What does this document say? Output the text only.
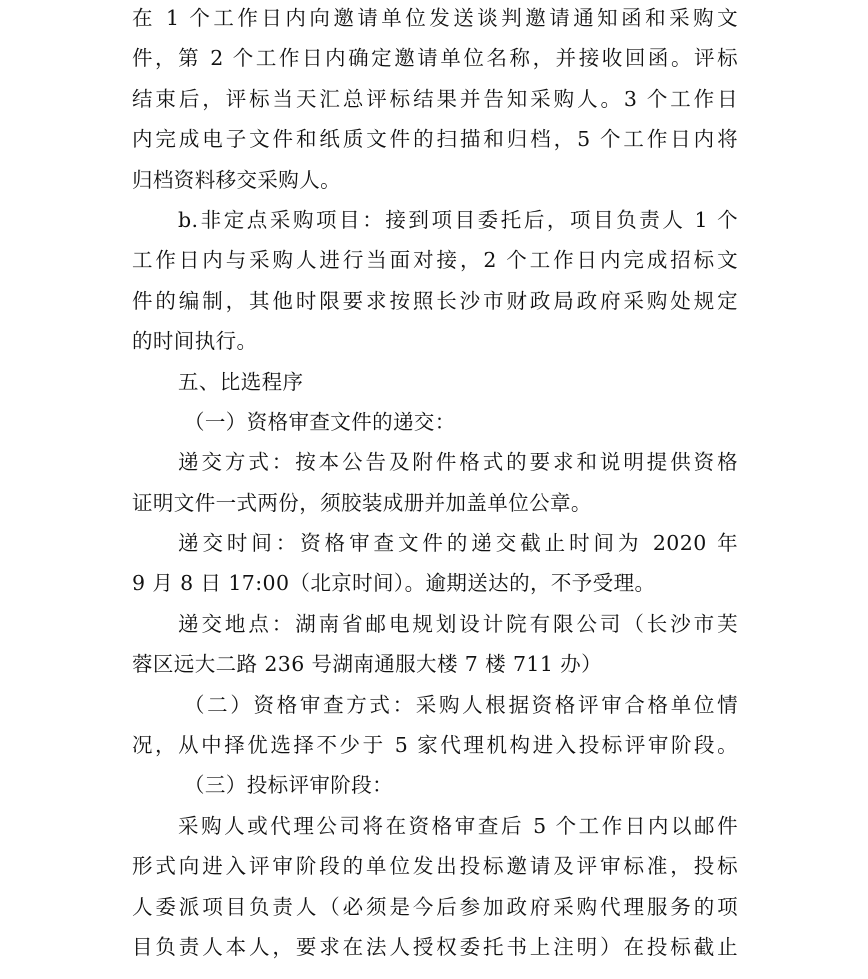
在 1 个工作日内向邀请单位发送谈判邀请通知函和采购文
件，第 2 个工作日内确定邀请单位名称，并接收回函。评标
结束后，评标当天汇总评标结果并告知采购人。3 个工作日
内完成电子文件和纸质文件的扫描和归档，5 个工作日内将
归档资料移交采购人。
b.非定点采购项目：接到项目委托后，项目负责人 1 个
工作日内与采购人进行当面对接，2 个工作日内完成招标文
件的编制，其他时限要求按照长沙市财政局政府采购处规定
的时间执行。
五、比选程序
（一）资格审查文件的递交：
递交方式：按本公告及附件格式的要求和说明提供资格
证明文件一式两份，须胶装成册并加盖单位公章。
递交时间：资格审查文件的递交截止时间为 2020 年
9 月 8 日 17:00（北京时间）。逾期送达的，不予受理。
递交地点：湖南省邮电规划设计院有限公司（长沙市芙
蓉区远大二路 236 号湖南通服大楼 7 楼 711 办）
（二）资格审查方式：采购人根据资格评审合格单位情
况，从中择优选择不少于 5 家代理机构进入投标评审阶段。
（三）投标评审阶段：
采购人或代理公司将在资格审查后 5 个工作日内以邮件
形式向进入评审阶段的单位发出投标邀请及评审标准，投标
人委派项目负责人（必须是今后参加政府采购代理服务的项
目负责人本人，要求在法人授权委托书上注明）在投标截止
